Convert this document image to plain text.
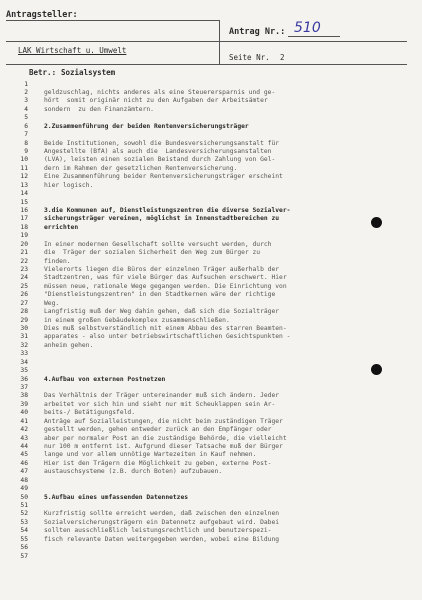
Antragsteller:
Antrag Nr.: 510
LAK Wirtschaft u. Umwelt
Seite Nr. 2
Betr.: Sozialsystem
1
2	geldzuschlag, nichts anderes als eine Steuerersparnis und ge-
3	hört  somit originär nicht zu den Aufgaben der Arbeitsämter
4	sondern  zu den Finanzämtern.
5
6	2.Zusammenführung der beiden Rentenversicherungsträger
7
8	Beide Institutionen, sowohl die Bundesversicherungsanstalt für
9	Angestellte (BfA) als auch die  Landesversicherungsanstalten
10	(LVA), leisten einen sozialen Beistand durch Zahlung von Gel-
11	dern im Rahmen der gesetzlichen Rentenversicherung.
12	Eine Zusammenführung beider Rentenversicherungsträger erscheint
13	hier logisch.
14
15
16	3.die Kommunen auf, Dienstleistungszentren die diverse Sozialver-
17	sicherungsträger vereinen, möglichst in Innenstadtbereichen zu
18	errichten
19
20	In einer modernen Gesellschaft sollte versucht werden, durch
21	die  Träger der sozialen Sicherheit den Weg zum Bürger zu
22	finden.
23	Vielerorts liegen die Büros der einzelnen Träger außerhalb der
24	Stadtzentren, was für viele Bürger das Aufsuchen erschwert. Hier
25	müssen neue, rationale Wege gegangen werden. Die Einrichtung von
26	"Dienstleistungszentren" in den Stadtkernen wäre der richtige
27	Weg.
28	Langfristig muß der Weg dahin gehen, daß sich die Sozialträger
29	in einem großen Gebäudekomplex zusammenschließen.
30	Dies muß selbstverständlich mit einem Abbau des starren Beamten-
31	apparates - also unter betriebswirtschaftlichen Gesichtspunkten -
32	anheim gehen.
33
34
35
36	4.Aufbau von externen Postnetzen
37
38	Das Verhältnis der Träger untereinander muß sich ändern. Jeder
39	arbeitet vor sich hin und sieht nur mit Scheuklappen sein Ar-
40	beits-/ Betätigungsfeld.
41	Anträge auf Sozialleistungen, die nicht beim zuständigen Träger
42	gestellt werden, gehen entweder zurück an den Empfänger oder
43	aber per normaler Post an die zuständige Behörde, die vielleicht
44	nur 100 m entfernt ist. Aufgrund dieser Tatsache muß der Bürger
45	lange und vor allem unnötige Wartezeiten in Kauf nehmen.
46	Hier ist den Trägern die Möglichkeit zu geben, externe Post-
47	austauschsysteme (z.B. durch Boten) aufzubauen.
48
49
50	5.Aufbau eines umfassenden Datennetzes
51
52	Kurzfristig sollte erreicht werden, daß zwischen den einzelnen
53	Sozialversicherungsträgern ein Datennetz aufgebaut wird. Dabei
54	sollten ausschließlich leistungsrechtlich und benutzerspezi-
55	fisch relevante Daten weitergegeben werden, wobei eine Bildung
56
57
